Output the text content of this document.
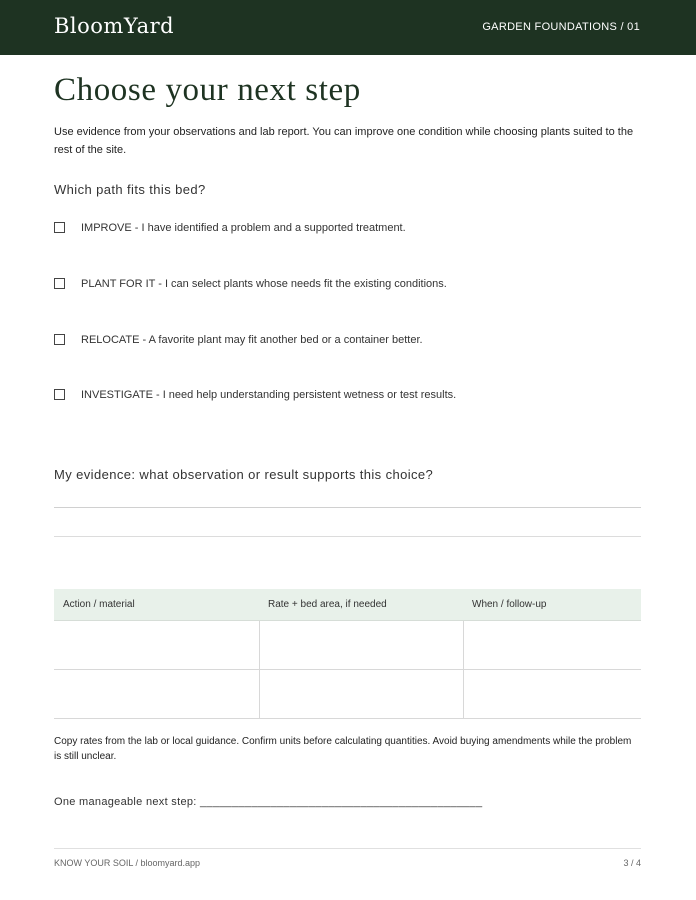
BloomYard	GARDEN FOUNDATIONS / 01
Choose your next step
Use evidence from your observations and lab report. You can improve one condition while choosing plants suited to the rest of the site.
Which path fits this bed?
IMPROVE - I have identified a problem and a supported treatment.
PLANT FOR IT - I can select plants whose needs fit the existing conditions.
RELOCATE - A favorite plant may fit another bed or a container better.
INVESTIGATE - I need help understanding persistent wetness or test results.
My evidence: what observation or result supports this choice?
Action / material	Rate + bed area, if needed	When / follow-up

Copy rates from the lab or local guidance. Confirm units before calculating quantities. Avoid buying amendments while the problem is still unclear.
One manageable next step: ____________________________________________
KNOW YOUR SOIL / bloomyard.app	3 / 4
